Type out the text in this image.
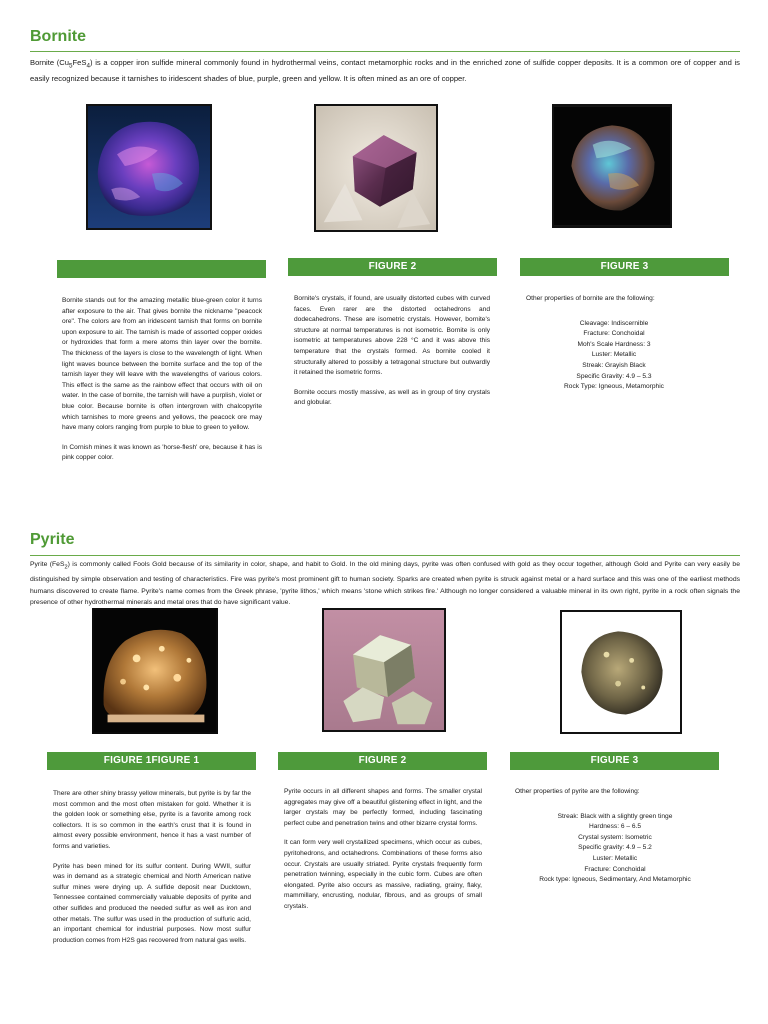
Bornite
Bornite $(Cu_5FeS_4)$ is a copper iron sulfide mineral commonly found in hydrothermal veins, contact metamorphic rocks and in the enriched zone of sulfide copper deposits. It is a common ore of copper and is easily recognized because it tarnishes to iridescent shades of blue, purple, green and yellow. It is often mined as an ore of copper.
FIGURE 2	FIGURE 3

Bornite stands out for the amazing metallic blue-green color it turns after exposure to the air. That gives bornite the nickname "peacock ore". The colors are from an iridescent tarnish that forms on bornite upon exposure to air. The tarnish is made of assorted copper oxides or hydroxides that form a mere atoms thin layer over the bornite. The thickness of the layers is close to the wavelength of light. When light waves bounce between the bornite surface and the top of the tarnish layer they will leave with the wavelengths of various colors. This effect is the same as the rainbow effect that occurs with oil on water. In the case of bornite, the tarnish will have a purplish, violet or blue color. Because bornite is often intergrown with chalcopyrite which tarnishes to more greens and yellows, the peacock ore may have many colors ranging from purple to blue to green to yellow.

In Cornish mines it was known as 'horse-flesh' ore, because it has is pink copper color.

Bornite's crystals, if found, are usually distorted cubes with curved faces. Even rarer are the distorted octahedrons and dodecahedrons. These are isometric crystals. However, bornite's structure at normal temperatures is not isometric. Bornite is only isometric at temperatures above 228 °C and it was above this temperature that the crystals formed. As bornite cooled it structurally altered to possibly a tetragonal structure but outwardly it retained the isometric forms.

Bornite occurs mostly massive, as well as in group of tiny crystals and globular.

Other properties of bornite are the following:
Cleavage: Indiscernible
Fracture: Conchoidal
Moh's Scale Hardness: 3
Luster: Metallic
Streak: Grayish Black
Specific Gravity: 4.9 – 5.3
Rock Type: Igneous, Metamorphic
Pyrite
Pyrite (FeS$_2$) is commonly called Fools Gold because of its similarity in color, shape, and habit to Gold. In the old mining days, pyrite was often confused with gold as they occur together, although Gold and Pyrite can very easily be distinguished by simple observation and testing of characteristics. Fire was pyrite's most prominent gift to human society. Sparks are created when pyrite is struck against metal or a hard surface and this was one of the earliest methods humans discovered to create flame. Pyrite's name comes from the Greek phrase, 'pyrite lithos,' which means 'stone which strikes fire.' Although no longer considered a valuable mineral in its own right, pyrite in a rock often signals the presence of other hydrothermal minerals and metal ores that do have significant value.
FIGURE 1FIGURE 1	FIGURE 2	FIGURE 3

There are other shiny brassy yellow minerals, but pyrite is by far the most common and the most often mistaken for gold. Whether it is the golden look or something else, pyrite is a favorite among rock collectors. It is so common in the earth's crust that it is found in almost every possible environment, hence it has a vast number of forms and varieties.

Pyrite has been mined for its sulfur content. During WWII, sulfur was in demand as a strategic chemical and North American native sulfur mines were drying up. A sulfide deposit near Ducktown, Tennessee contained commercially valuable deposits of pyrite and other sulfides and produced the needed sulfur as well as iron and other metals. The sulfur was used in the production of sulfuric acid, an important chemical for industrial purposes. Now most sulfur production comes from H2S gas recovered from natural gas wells.

Pyrite occurs in all different shapes and forms. The smaller crystal aggregates may give off a beautiful glistening effect in light, and the larger crystals may be perfectly formed, including fascinating perfect cube and penetration twins and other bizarre crystal forms.

It can form very well crystallized specimens, which occur as cubes, pyritohedrons, and octahedrons. Combinations of these forms also occur. Crystals are usually striated. Pyrite crystals frequently form penetration twinning, especially in the cubic form. Cubes are often elongated. Pyrite also occurs as massive, radiating, grainy, flaky, mammillary, encrusting, nodular, fibrous, and as groups of small crystals.

Other properties of pyrite are the following:
Streak: Black with a slightly green tinge
Hardness: 6 – 6.5
Crystal system: Isometric
Specific gravity: 4.9 – 5.2
Luster: Metallic
Fracture: Conchoidal
Rock type: Igneous, Sedimentary, And Metamorphic
